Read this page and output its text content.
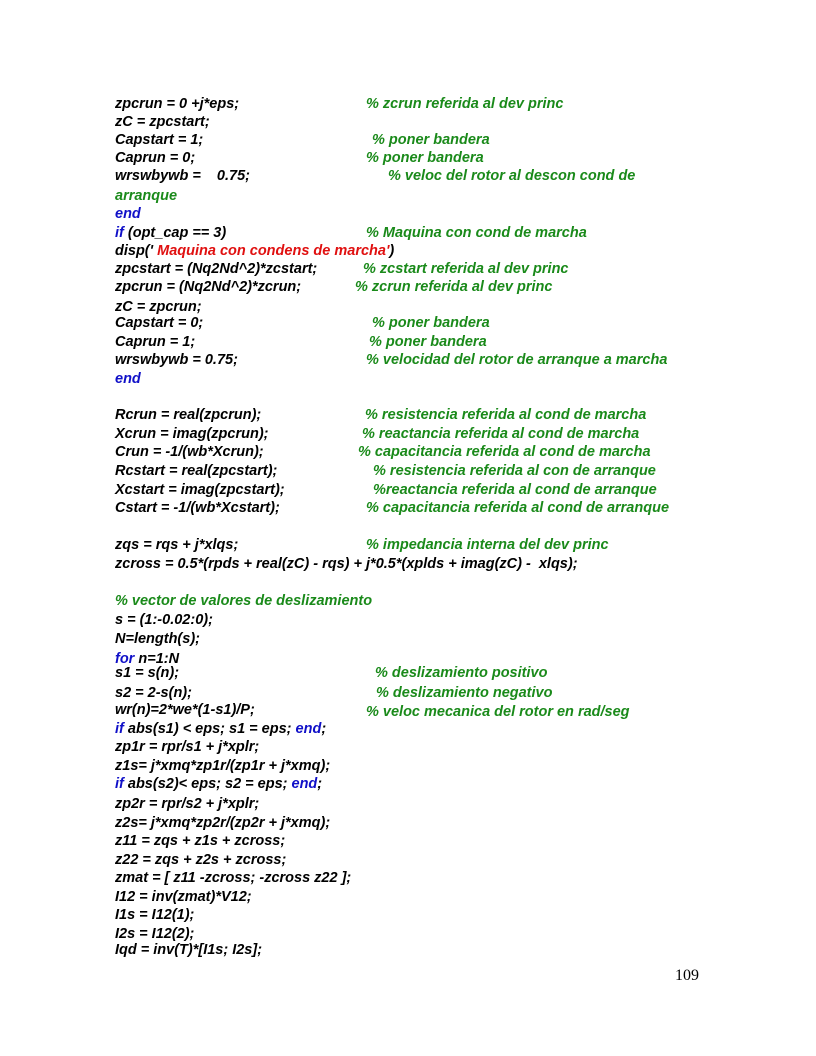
zpcrun = 0 +j*eps;	% zcrun referida al dev princ
zC = zpcstart;
Capstart = 1;	% poner bandera
Caprun = 0;	% poner bandera
wrswbywb =    0.75;	% veloc del rotor al descon cond de
arranque
end
if (opt_cap == 3)	% Maquina con cond de marcha
disp(' Maquina con condens de marcha')
zpcstart = (Nq2Nd^2)*zcstart;	% zcstart referida al dev princ
zpcrun = (Nq2Nd^2)*zcrun;	% zcrun referida al dev princ
zC = zpcrun;
Capstart = 0;	% poner bandera
Caprun = 1;	% poner bandera
wrswbywb = 0.75;	% velocidad del rotor de arranque a marcha
end
Rcrun = real(zpcrun);	% resistencia referida al cond de marcha
Xcrun = imag(zpcrun);	% reactancia referida al cond de marcha
Crun = -1/(wb*Xcrun);	% capacitancia referida al cond de marcha
Rcstart = real(zpcstart);	% resistencia referida al con de arranque
Xcstart = imag(zpcstart);	%reactancia referida al cond de arranque
Cstart = -1/(wb*Xcstart);	% capacitancia referida al cond de arranque
zqs = rqs + j*xlqs;	% impedancia interna del dev princ
zcross = 0.5*(rpds + real(zC) - rqs) + j*0.5*(xplds + imag(zC) -  xlqs);
% vector de valores de deslizamiento
s = (1:-0.02:0);
N=length(s);
for n=1:N
s1 = s(n);	% deslizamiento positivo
s2 = 2-s(n);	% deslizamiento negativo
wr(n)=2*we*(1-s1)/P;	% veloc mecanica del rotor en rad/seg
if abs(s1) < eps; s1 = eps; end;
zp1r = rpr/s1 + j*xplr;
z1s= j*xmq*zp1r/(zp1r + j*xmq);
if abs(s2)< eps; s2 = eps; end;
zp2r = rpr/s2 + j*xplr;
z2s= j*xmq*zp2r/(zp2r + j*xmq);
z11 = zqs + z1s + zcross;
z22 = zqs + z2s + zcross;
zmat = [ z11 -zcross; -zcross z22 ];
I12 = inv(zmat)*V12;
I1s = I12(1);
I2s = I12(2);
Iqd = inv(T)*[I1s; I2s];
109
